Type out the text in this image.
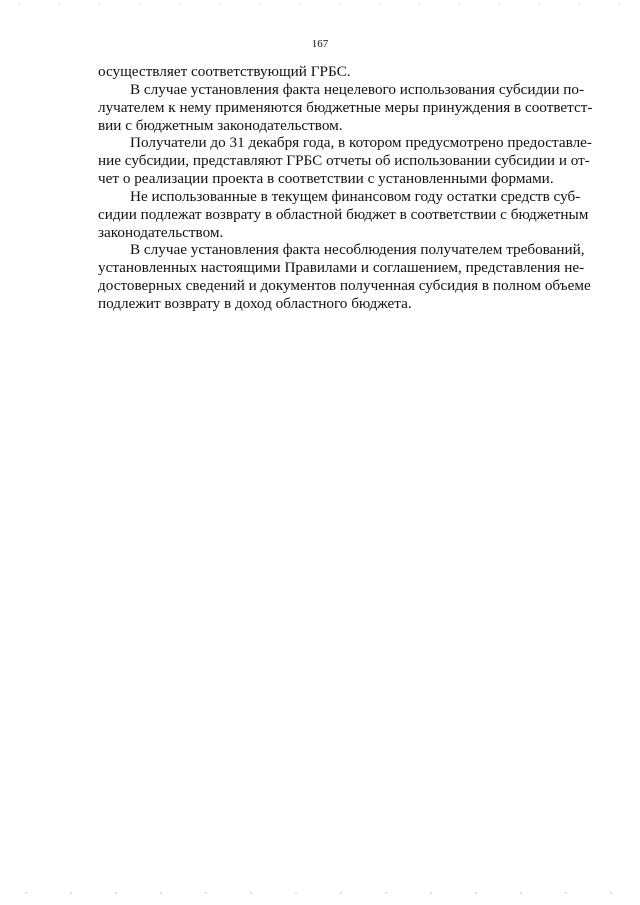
167
осуществляет соответствующий ГРБС.
В случае установления факта нецелевого использования субсидии по-
лучателем к нему применяются бюджетные меры принуждения в соответст-
вии с бюджетным законодательством.
Получатели до 31 декабря года, в котором предусмотрено предоставле-
ние субсидии, представляют ГРБС отчеты об использовании субсидии и от-
чет о реализации проекта в соответствии с установленными формами.
Не использованные в текущем финансовом году остатки средств суб-
сидии подлежат возврату в областной бюджет в соответствии с бюджетным
законодательством.
В случае установления факта несоблюдения получателем требований,
установленных настоящими Правилами и соглашением, представления не-
достоверных сведений и документов полученная субсидия в полном объеме
подлежит возврату в доход областного бюджета.
